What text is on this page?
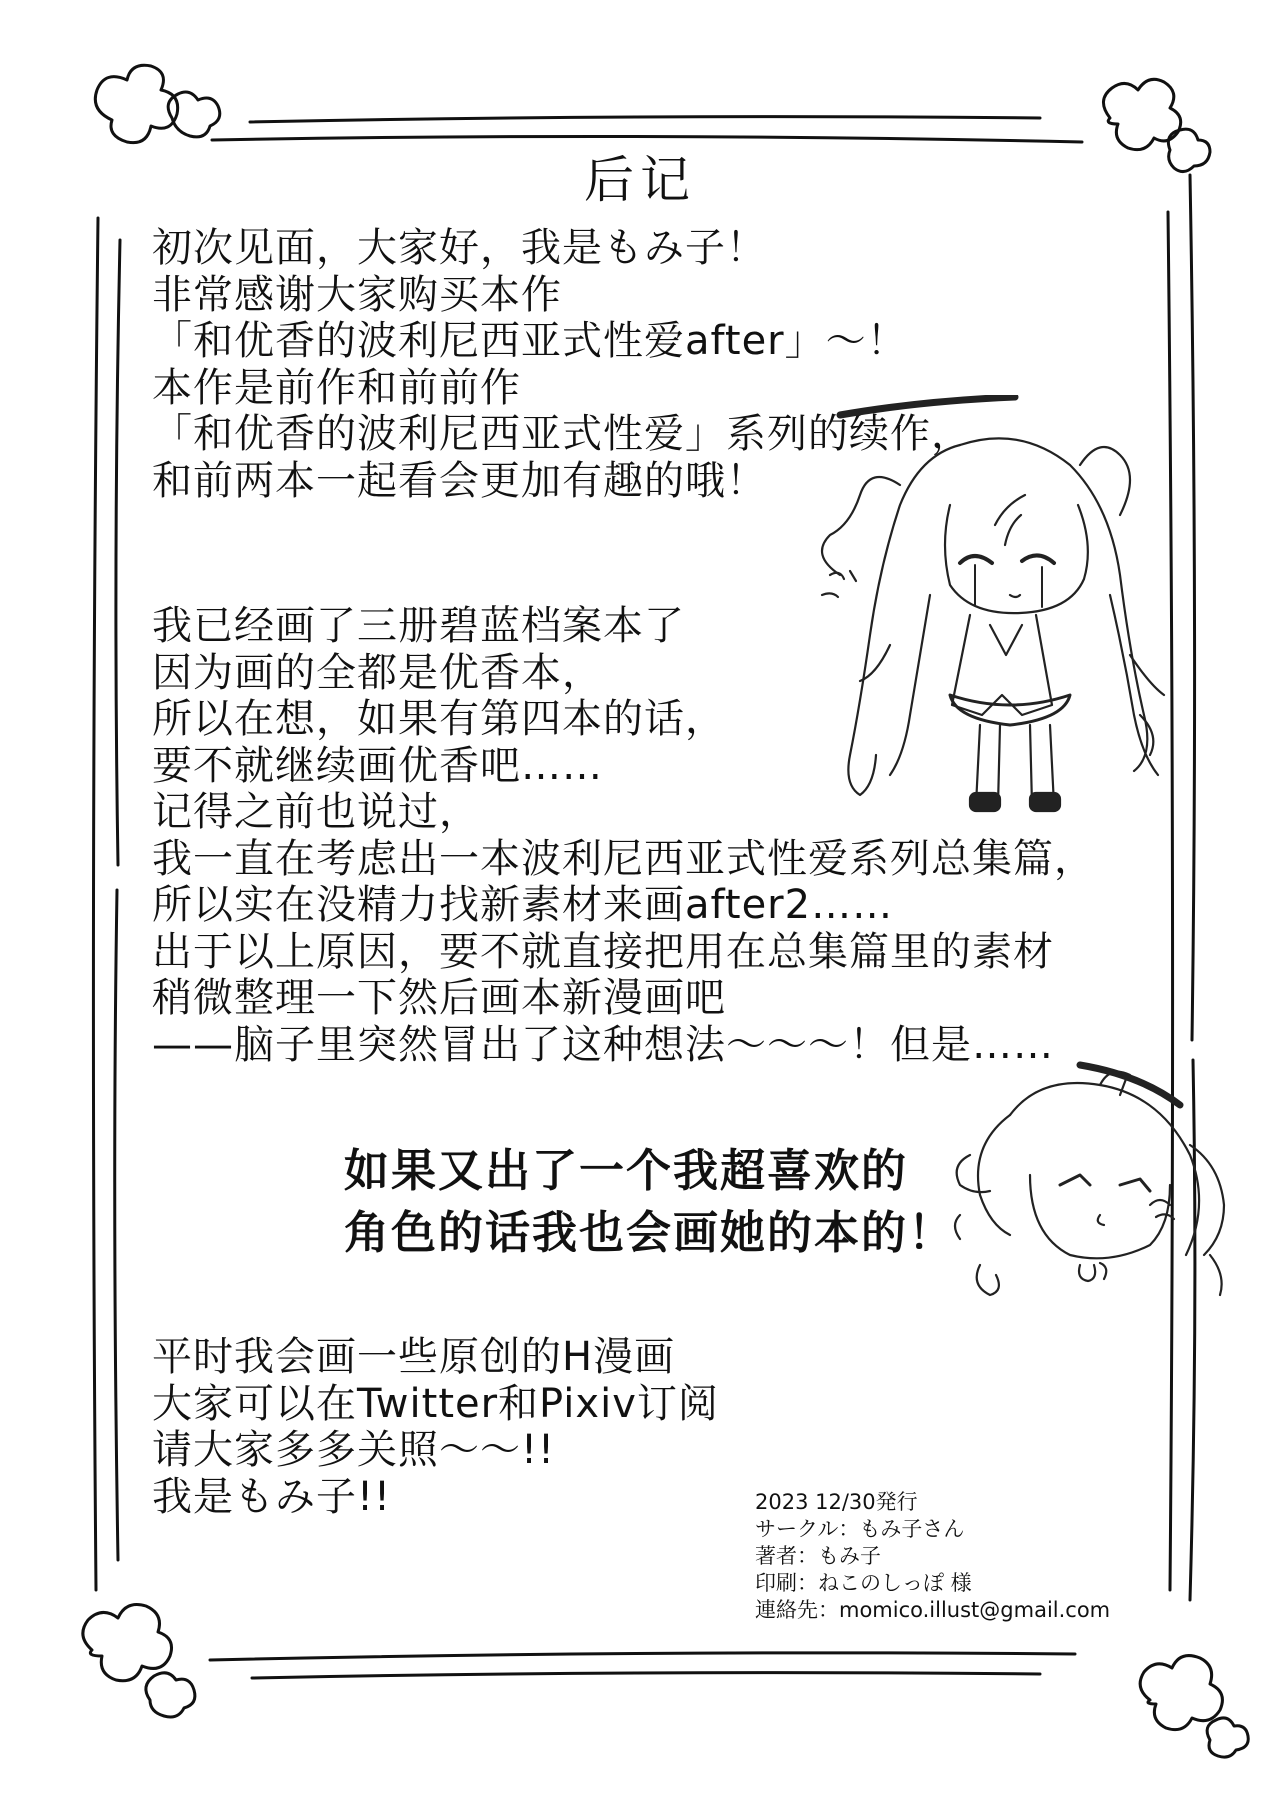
后记
初次见面，大家好，我是もみ子！
非常感谢大家购买本作
「和优香的波利尼西亚式性爱after」～！
本作是前作和前前作
「和优香的波利尼西亚式性爱」系列的续作，
和前两本一起看会更加有趣的哦！
我已经画了三册碧蓝档案本了
因为画的全都是优香本，
所以在想，如果有第四本的话，
要不就继续画优香吧……
记得之前也说过，
我一直在考虑出一本波利尼西亚式性爱系列总集篇，
所以实在没精力找新素材来画after2……
出于以上原因，要不就直接把用在总集篇里的素材
稍微整理一下然后画本新漫画吧
——脑子里突然冒出了这种想法～～～！但是……
如果又出了一个我超喜欢的
角色的话我也会画她的本的！
平时我会画一些原创的H漫画
大家可以在Twitter和Pixiv订阅
请大家多多关照～～!!
我是もみ子!!	2023 12/30発行
サークル：もみ子さん
著者：もみ子
印刷：ねこのしっぽ 様
連絡先：momico.illust@gmail.com
